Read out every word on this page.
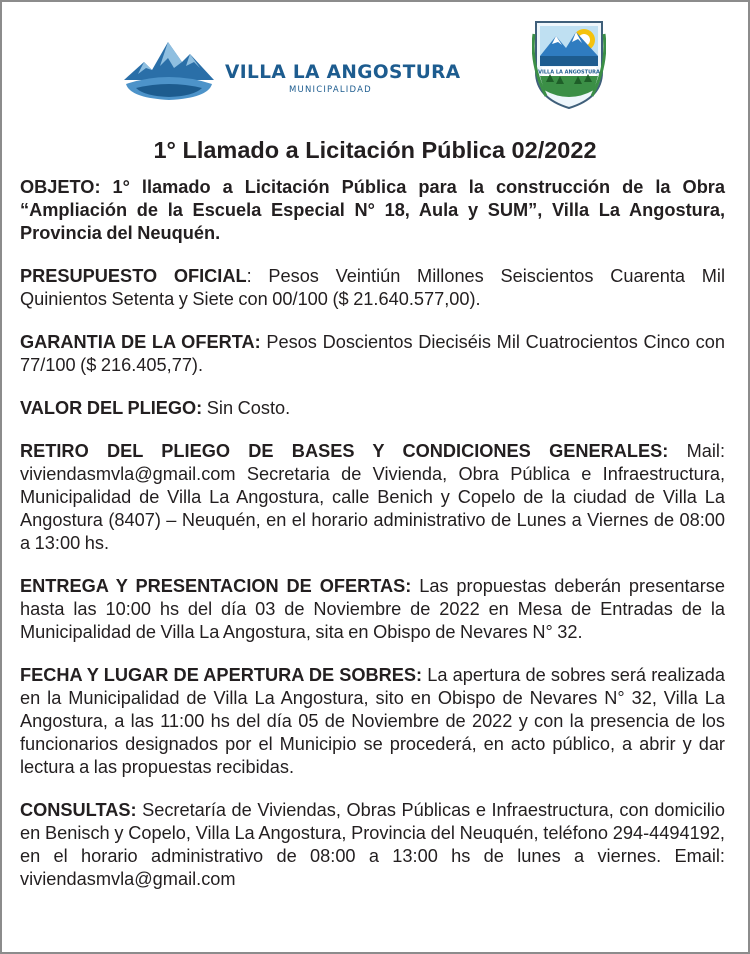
VILLA LA ANGOSTURA
MUNICIPALIDAD
VILLA LA ANGOSTURA
1° Llamado a Licitación Pública 02/2022

OBJETO: 1° llamado a Licitación Pública para la construcción de la Obra “Ampliación de la Escuela Especial N° 18, Aula y SUM”, Villa La Angostura, Provincia del Neuquén.

PRESUPUESTO OFICIAL: Pesos Veintiún Millones Seiscientos Cuarenta Mil Quinientos Setenta y Siete con 00/100 ($ 21.640.577,00).

GARANTIA DE LA OFERTA: Pesos Doscientos Dieciséis Mil Cuatrocientos Cinco con 77/100 ($ 216.405,77).

VALOR DEL PLIEGO: Sin Costo.

RETIRO DEL PLIEGO DE BASES Y CONDICIONES GENERALES: Mail: viviendasmvla@gmail.com Secretaria de Vivienda, Obra Pública e Infraestructura, Municipalidad de Villa La Angostura, calle Benich y Copelo de la ciudad de Villa La Angostura (8407) – Neuquén, en el horario administrativo de Lunes a Viernes de 08:00 a 13:00 hs.

ENTREGA Y PRESENTACION DE OFERTAS: Las propuestas deberán presentarse hasta las 10:00 hs del día 03 de Noviembre de 2022 en Mesa de Entradas de la Municipalidad de Villa La Angostura, sita en Obispo de Nevares N° 32.

FECHA Y LUGAR DE APERTURA DE SOBRES: La apertura de sobres será realizada en la Municipalidad de Villa La Angostura, sito en Obispo de Nevares N° 32, Villa La Angostura, a las 11:00 hs del día 05 de Noviembre de 2022 y con la presencia de los funcionarios designados por el Municipio se procederá, en acto público, a abrir y dar lectura a las propuestas recibidas.

CONSULTAS: Secretaría de Viviendas, Obras Públicas e Infraestructura, con domicilio en Benisch y Copelo, Villa La Angostura, Provincia del Neuquén, teléfono 294-4494192, en el horario administrativo de 08:00 a 13:00 hs de lunes a viernes. Email: viviendasmvla@gmail.com
